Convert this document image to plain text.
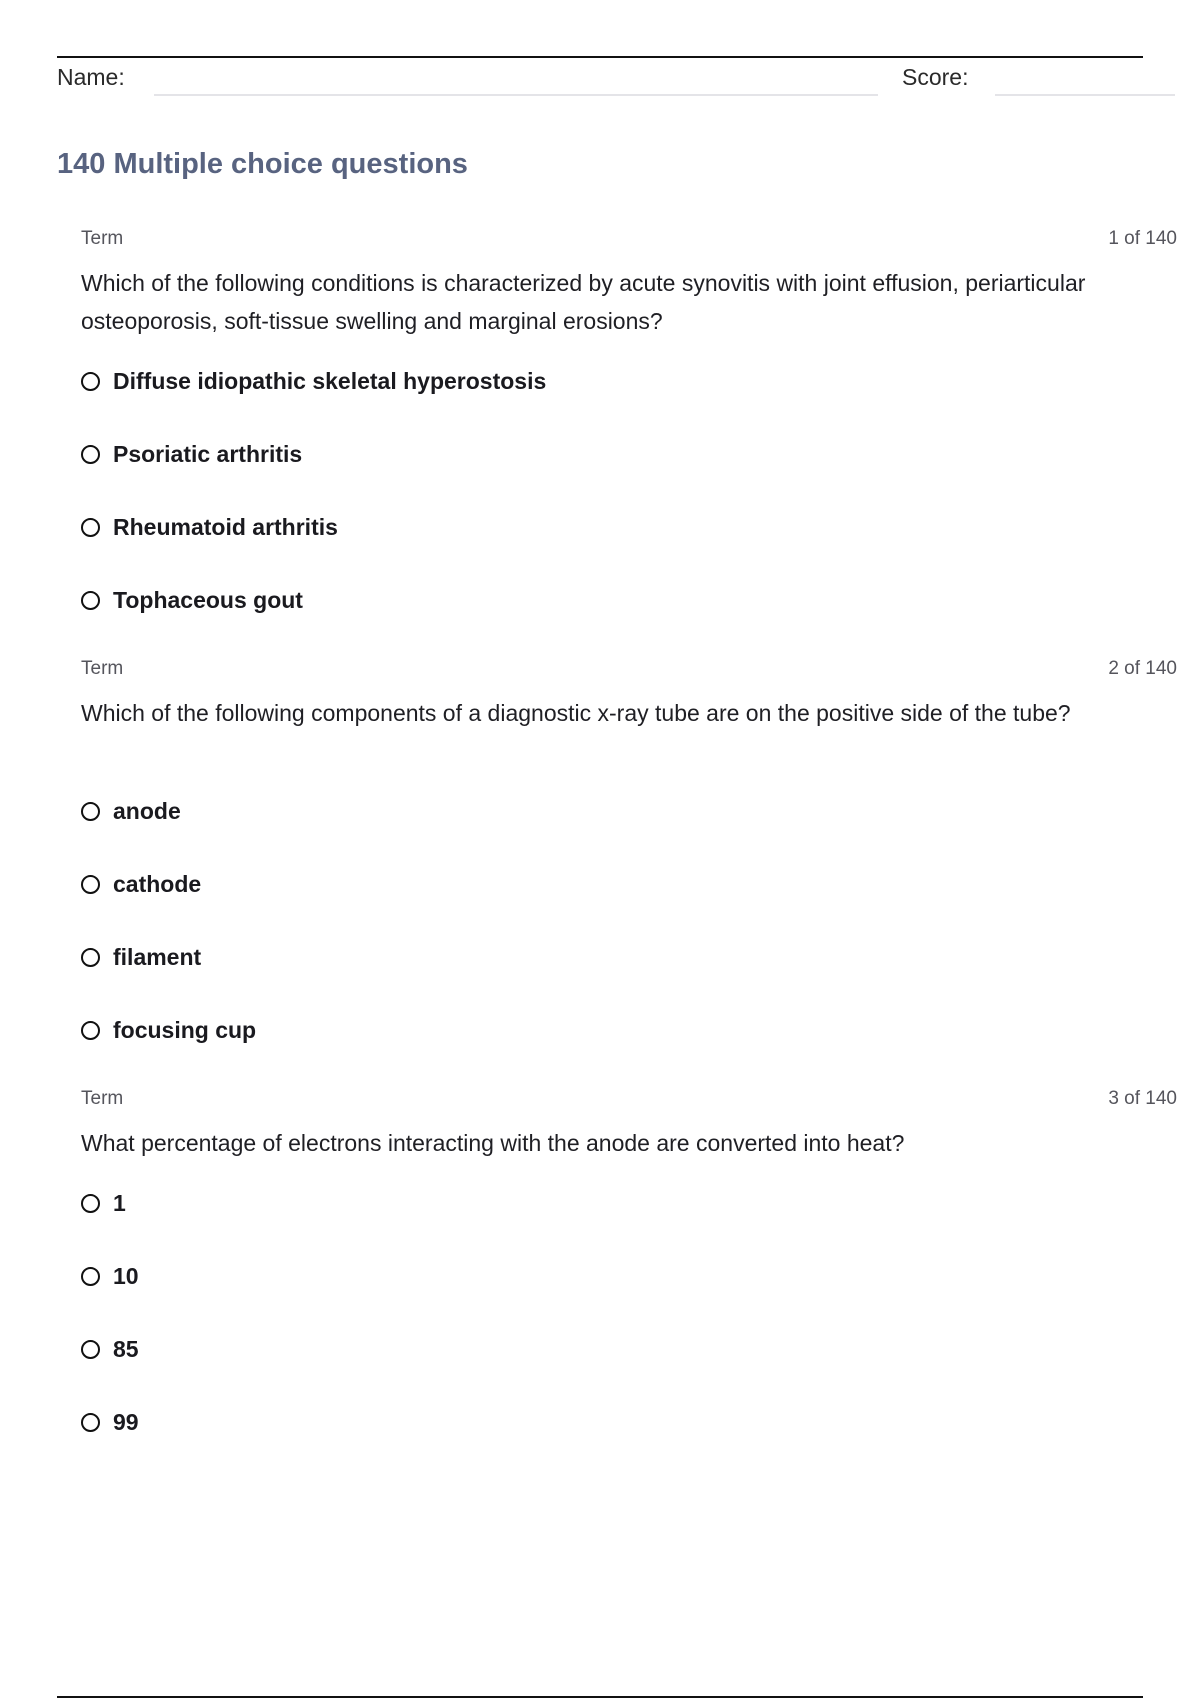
Name:	Score:
140 Multiple choice questions
Term	1 of 140
Which of the following conditions is characterized by acute synovitis with joint effusion, periarticular osteoporosis, soft-tissue swelling and marginal erosions?
Diffuse idiopathic skeletal hyperostosis
Psoriatic arthritis
Rheumatoid arthritis
Tophaceous gout
Term	2 of 140
Which of the following components of a diagnostic x-ray tube are on the positive side of the tube?
anode
cathode
filament
focusing cup
Term	3 of 140
What percentage of electrons interacting with the anode are converted into heat?
1
10
85
99
